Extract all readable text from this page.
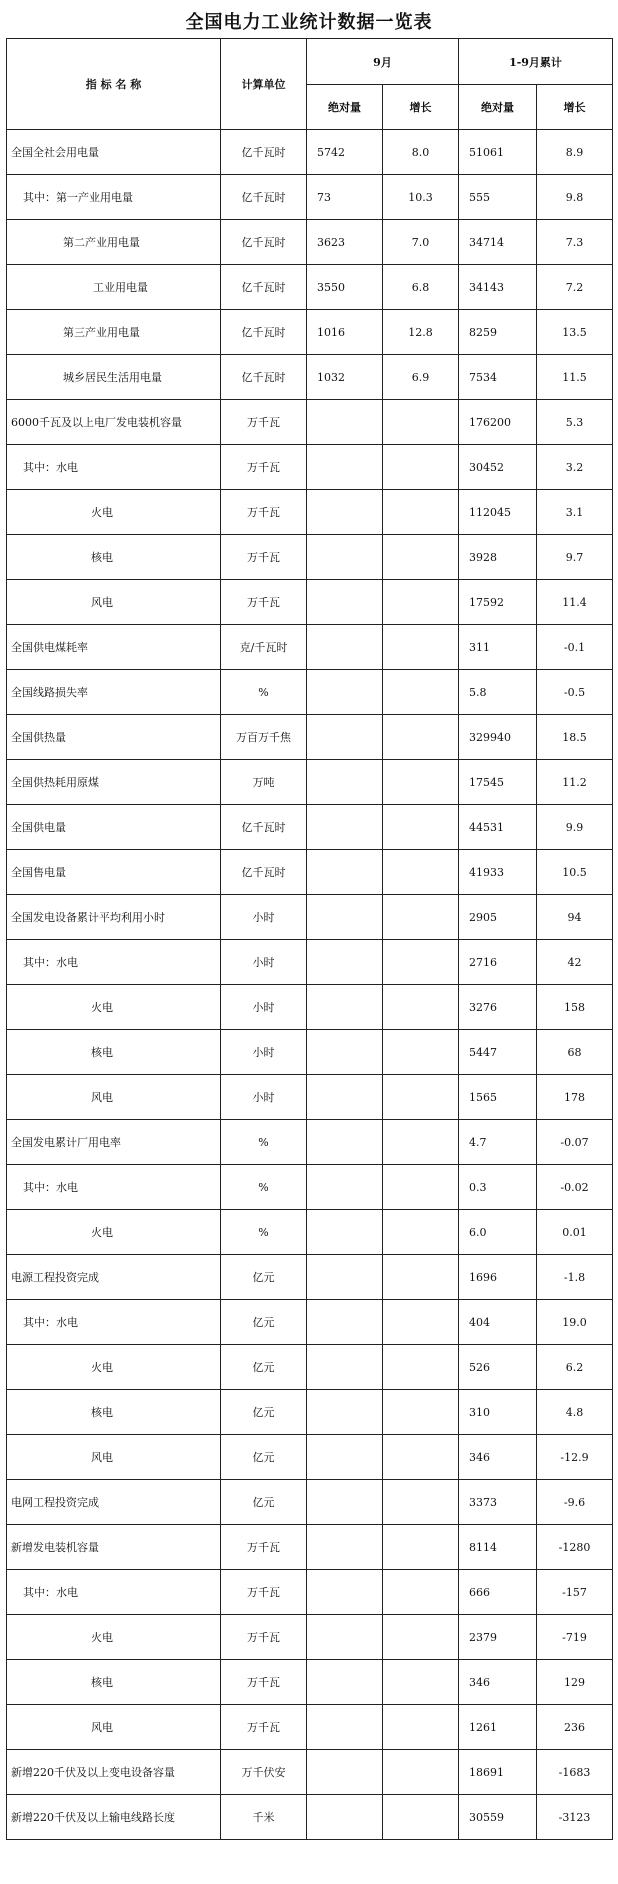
全国电力工业统计数据一览表
指 标 名 称	计算单位	9月		1-9月累计	
		绝对量	增长	绝对量	增长
全国全社会用电量	亿千瓦时	5742	8.0	51061	8.9
其中：第一产业用电量	亿千瓦时	73	10.3	555	9.8
第二产业用电量	亿千瓦时	3623	7.0	34714	7.3
工业用电量	亿千瓦时	3550	6.8	34143	7.2
第三产业用电量	亿千瓦时	1016	12.8	8259	13.5
城乡居民生活用电量	亿千瓦时	1032	6.9	7534	11.5
6000千瓦及以上电厂发电装机容量	万千瓦			176200	5.3
其中：水电	万千瓦			30452	3.2
火电	万千瓦			112045	3.1
核电	万千瓦			3928	9.7
风电	万千瓦			17592	11.4
全国供电煤耗率	克/千瓦时			311	-0.1
全国线路损失率	%			5.8	-0.5
全国供热量	万百万千焦			329940	18.5
全国供热耗用原煤	万吨			17545	11.2
全国供电量	亿千瓦时			44531	9.9
全国售电量	亿千瓦时			41933	10.5
全国发电设备累计平均利用小时	小时			2905	94
其中：水电	小时			2716	42
火电	小时			3276	158
核电	小时			5447	68
风电	小时			1565	178
全国发电累计厂用电率	%			4.7	-0.07
其中：水电	%			0.3	-0.02
火电	%			6.0	0.01
电源工程投资完成	亿元			1696	-1.8
其中：水电	亿元			404	19.0
火电	亿元			526	6.2
核电	亿元			310	4.8
风电	亿元			346	-12.9
电网工程投资完成	亿元			3373	-9.6
新增发电装机容量	万千瓦			8114	-1280
其中：水电	万千瓦			666	-157
火电	万千瓦			2379	-719
核电	万千瓦			346	129
风电	万千瓦			1261	236
新增220千伏及以上变电设备容量	万千伏安			18691	-1683
新增220千伏及以上输电线路长度	千米			30559	-3123
